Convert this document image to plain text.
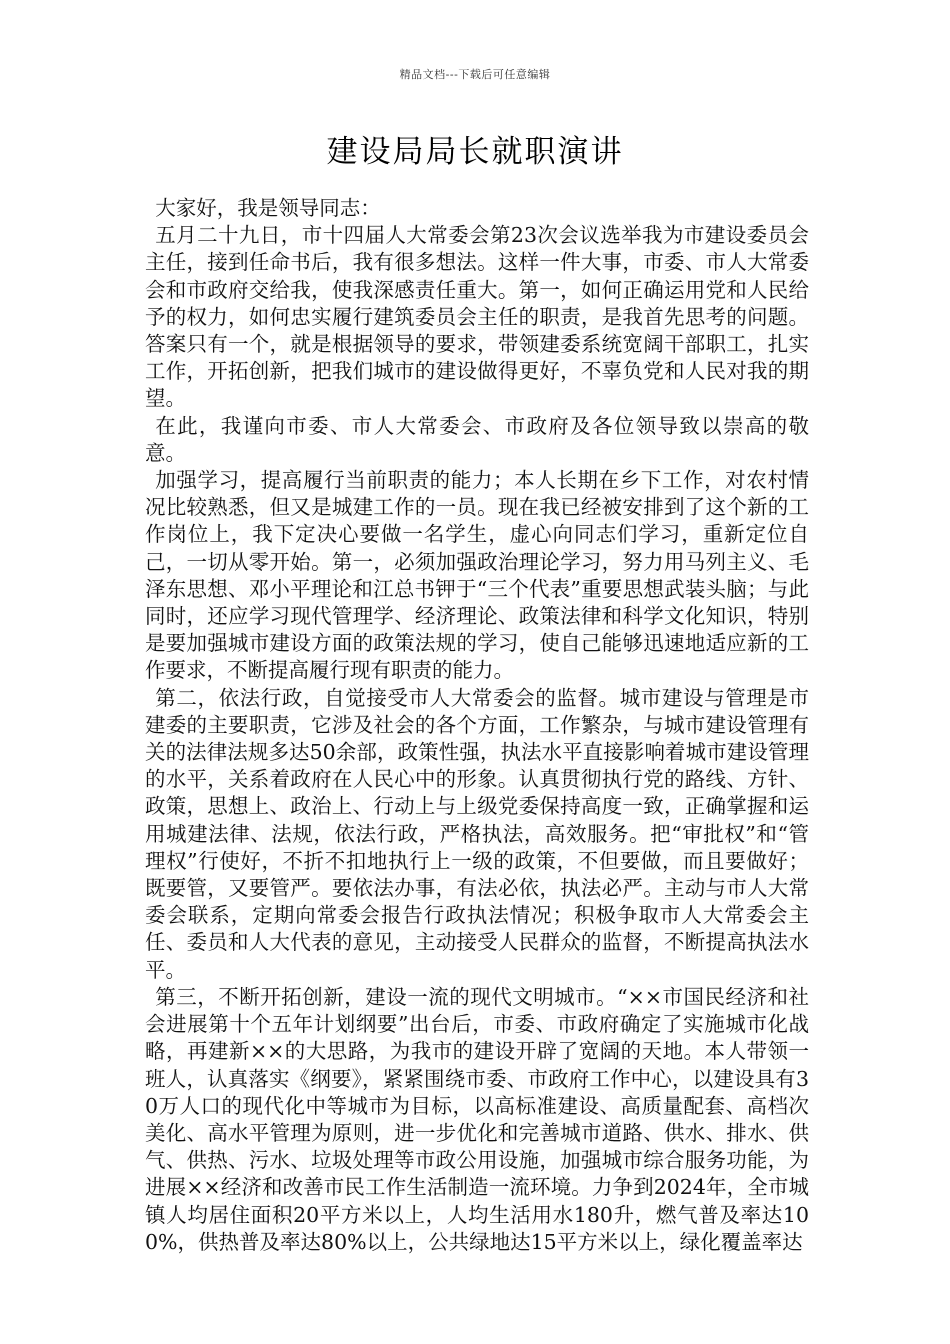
精品文档---下载后可任意编辑
建设局局长就职演讲

大家好，我是领导同志：

五月二十九日，市十四届人大常委会第23次会议选举我为市建设委员会主任，接到任命书后，我有很多想法。这样一件大事，市委、市人大常委会和市政府交给我，使我深感责任重大。第一，如何正确运用党和人民给予的权力，如何忠实履行建筑委员会主任的职责，是我首先思考的问题。答案只有一个，就是根据领导的要求，带领建委系统宽阔干部职工，扎实工作，开拓创新，把我们城市的建设做得更好，不辜负党和人民对我的期望。

在此，我谨向市委、市人大常委会、市政府及各位领导致以崇高的敬意。

加强学习，提高履行当前职责的能力；本人长期在乡下工作，对农村情况比较熟悉，但又是城建工作的一员。现在我已经被安排到了这个新的工作岗位上，我下定决心要做一名学生，虚心向同志们学习，重新定位自己，一切从零开始。第一，必须加强政治理论学习，努力用马列主义、毛泽东思想、邓小平理论和江总书钾于“三个代表”重要思想武装头脑；与此同时，还应学习现代管理学、经济理论、政策法律和科学文化知识，特别是要加强城市建设方面的政策法规的学习，使自己能够迅速地适应新的工作要求，不断提高履行现有职责的能力。

第二，依法行政，自觉接受市人大常委会的监督。城市建设与管理是市建委的主要职责，它涉及社会的各个方面，工作繁杂，与城市建设管理有关的法律法规多达50余部，政策性强，执法水平直接影响着城市建设管理的水平，关系着政府在人民心中的形象。认真贯彻执行党的路线、方针、政策，思想上、政治上、行动上与上级党委保持高度一致，正确掌握和运用城建法律、法规，依法行政，严格执法，高效服务。把“审批权”和“管理权”行使好，不折不扣地执行上一级的政策，不但要做，而且要做好；既要管，又要管严。要依法办事，有法必依，执法必严。主动与市人大常委会联系，定期向常委会报告行政执法情况；积极争取市人大常委会主任、委员和人大代表的意见，主动接受人民群众的监督，不断提高执法水平。

第三，不断开拓创新，建设一流的现代文明城市。“××市国民经济和社会进展第十个五年计划纲要”出台后，市委、市政府确定了实施城市化战略，再建新××的大思路，为我市的建设开辟了宽阔的天地。本人带领一班人，认真落实《纲要》，紧紧围绕市委、市政府工作中心，以建设具有30万人口的现代化中等城市为目标，以高标准建设、高质量配套、高档次美化、高水平管理为原则，进一步优化和完善城市道路、供水、排水、供气、供热、污水、垃圾处理等市政公用设施，加强城市综合服务功能，为进展××经济和改善市民工作生活制造一流环境。力争到2024年，全市城镇人均居住面积20平方米以上，人均生活用水180升，燃气普及率达100%，供热普及率达80%以上，公共绿地达15平方米以上，绿化覆盖率达
